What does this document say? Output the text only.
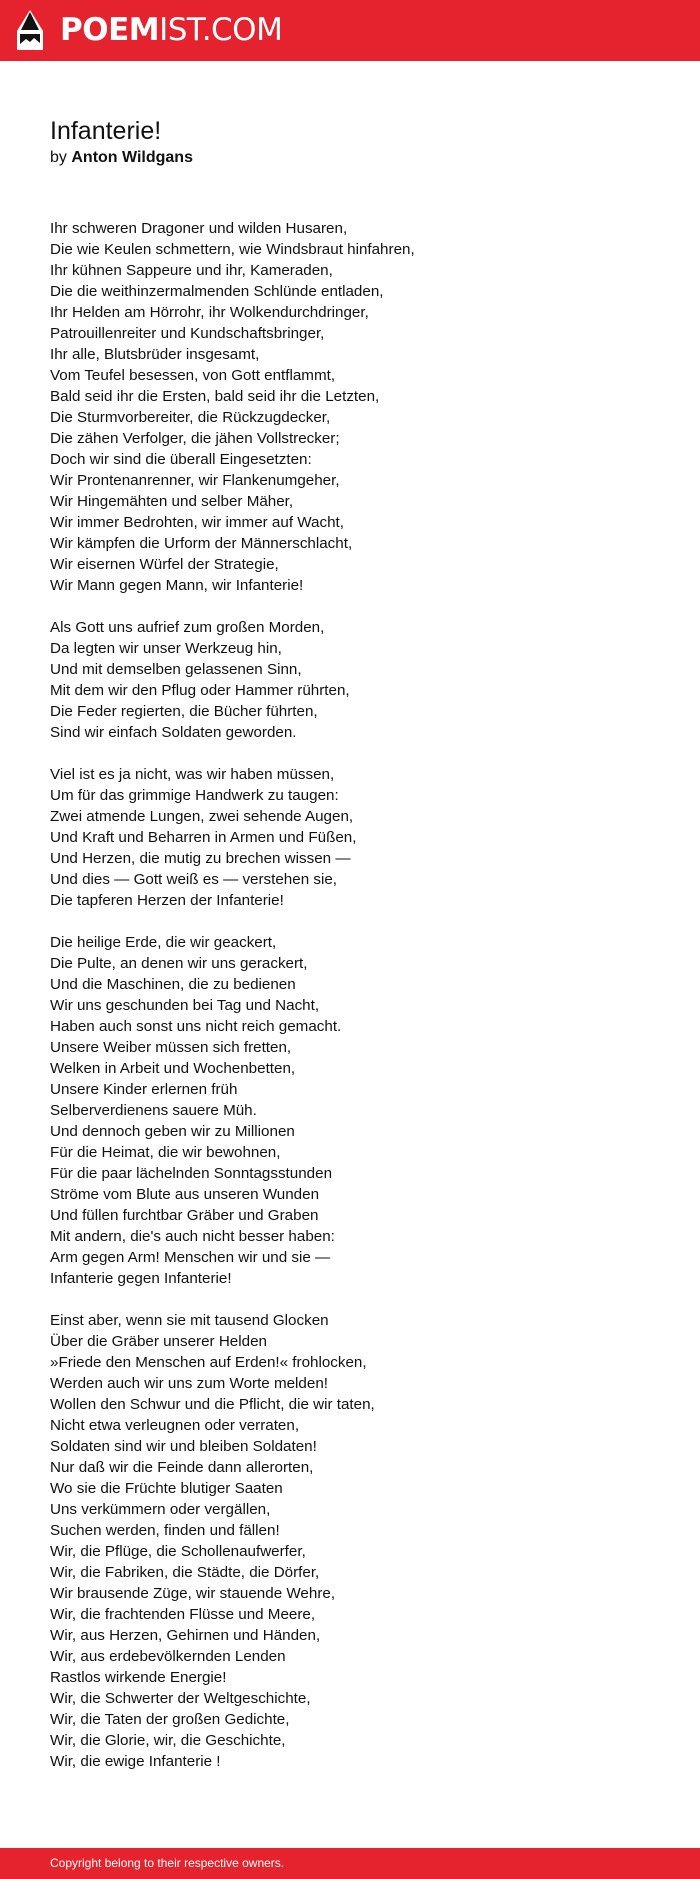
POEMIST.COM
Infanterie!
by Anton Wildgans
Ihr schweren Dragoner und wilden Husaren,
Die wie Keulen schmettern, wie Windsbraut hinfahren,
Ihr kühnen Sappeure und ihr, Kameraden,
Die die weithinzermalmenden Schlünde entladen,
Ihr Helden am Hörrohr, ihr Wolkendurchdringer,
Patrouillenreiter und Kundschaftsbringer,
Ihr alle, Blutsbrüder insgesamt,
Vom Teufel besessen, von Gott entflammt,
Bald seid ihr die Ersten, bald seid ihr die Letzten,
Die Sturmvorbereiter, die Rückzugdecker,
Die zähen Verfolger, die jähen Vollstrecker;
Doch wir sind die überall Eingesetzten:
Wir Prontenanrenner, wir Flankenumgeher,
Wir Hingemähten und selber Mäher,
Wir immer Bedrohten, wir immer auf Wacht,
Wir kämpfen die Urform der Männerschlacht,
Wir eisernen Würfel der Strategie,
Wir Mann gegen Mann, wir Infanterie!
Als Gott uns aufrief zum großen Morden,
Da legten wir unser Werkzeug hin,
Und mit demselben gelassenen Sinn,
Mit dem wir den Pflug oder Hammer rührten,
Die Feder regierten, die Bücher führten,
Sind wir einfach Soldaten geworden.
Viel ist es ja nicht, was wir haben müssen,
Um für das grimmige Handwerk zu taugen:
Zwei atmende Lungen, zwei sehende Augen,
Und Kraft und Beharren in Armen und Füßen,
Und Herzen, die mutig zu brechen wissen —
Und dies — Gott weiß es — verstehen sie,
Die tapferen Herzen der Infanterie!
Die heilige Erde, die wir geackert,
Die Pulte, an denen wir uns gerackert,
Und die Maschinen, die zu bedienen
Wir uns geschunden bei Tag und Nacht,
Haben auch sonst uns nicht reich gemacht.
Unsere Weiber müssen sich fretten,
Welken in Arbeit und Wochenbetten,
Unsere Kinder erlernen früh
Selberverdienens sauere Müh.
Und dennoch geben wir zu Millionen
Für die Heimat, die wir bewohnen,
Für die paar lächelnden Sonntagsstunden
Ströme vom Blute aus unseren Wunden
Und füllen furchtbar Gräber und Graben
Mit andern, die's auch nicht besser haben:
Arm gegen Arm! Menschen wir und sie —
Infanterie gegen Infanterie!
Einst aber, wenn sie mit tausend Glocken
Über die Gräber unserer Helden
»Friede den Menschen auf Erden!« frohlocken,
Werden auch wir uns zum Worte melden!
Wollen den Schwur und die Pflicht, die wir taten,
Nicht etwa verleugnen oder verraten,
Soldaten sind wir und bleiben Soldaten!
Nur daß wir die Feinde dann allerorten,
Wo sie die Früchte blutiger Saaten
Uns verkümmern oder vergällen,
Suchen werden, finden und fällen!
Wir, die Pflüge, die Schollenaufwerfer,
Wir, die Fabriken, die Städte, die Dörfer,
Wir brausende Züge, wir stauende Wehre,
Wir, die frachtenden Flüsse und Meere,
Wir, aus Herzen, Gehirnen und Händen,
Wir, aus erdebevölkernden Lenden
Rastlos wirkende Energie!
Wir, die Schwerter der Weltgeschichte,
Wir, die Taten der großen Gedichte,
Wir, die Glorie, wir, die Geschichte,
Wir, die ewige Infanterie !
Copyright belong to their respective owners.
